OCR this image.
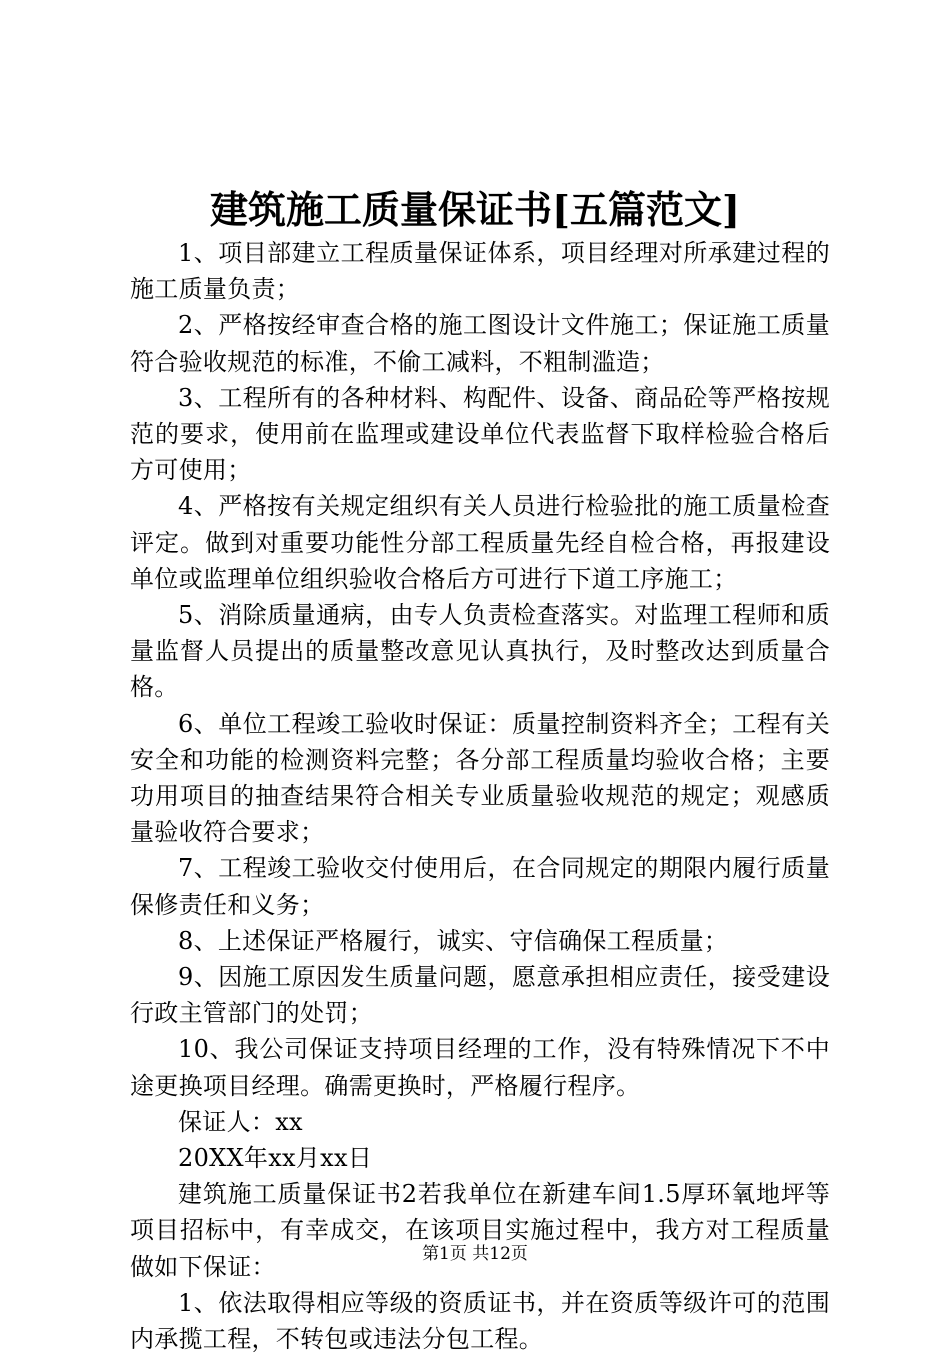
建筑施工质量保证书[五篇范文]

1、项目部建立工程质量保证体系，项目经理对所承建过程的施工质量负责；

2、严格按经审查合格的施工图设计文件施工；保证施工质量符合验收规范的标准，不偷工减料，不粗制滥造；

3、工程所有的各种材料、构配件、设备、商品砼等严格按规范的要求，使用前在监理或建设单位代表监督下取样检验合格后方可使用；

4、严格按有关规定组织有关人员进行检验批的施工质量检查评定。做到对重要功能性分部工程质量先经自检合格，再报建设单位或监理单位组织验收合格后方可进行下道工序施工；

5、消除质量通病，由专人负责检查落实。对监理工程师和质量监督人员提出的质量整改意见认真执行，及时整改达到质量合格。

6、单位工程竣工验收时保证：质量控制资料齐全；工程有关安全和功能的检测资料完整；各分部工程质量均验收合格；主要功用项目的抽查结果符合相关专业质量验收规范的规定；观感质量验收符合要求；

7、工程竣工验收交付使用后，在合同规定的期限内履行质量保修责任和义务；

8、上述保证严格履行，诚实、守信确保工程质量；

9、因施工原因发生质量问题，愿意承担相应责任，接受建设行政主管部门的处罚；

10、我公司保证支持项目经理的工作，没有特殊情况下不中途更换项目经理。确需更换时，严格履行程序。

保证人：xx

20XX年xx月xx日

建筑施工质量保证书2若我单位在新建车间1.5厚环氧地坪等项目招标中，有幸成交，在该项目实施过程中，我方对工程质量做如下保证：

1、依法取得相应等级的资质证书，并在资质等级许可的范围内承揽工程，不转包或违法分包工程。

第1页 共12页
